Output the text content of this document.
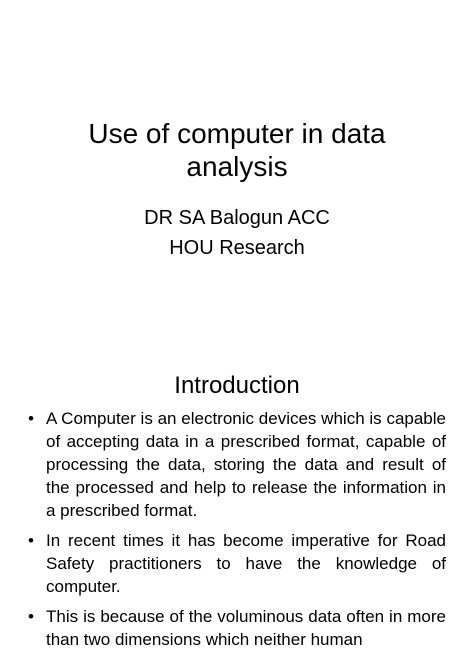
Use of computer in data
analysis

DR SA Balogun ACC

HOU Research

Introduction
• A Computer is an electronic devices which is capable of accepting data in a prescribed format, capable of processing the data, storing the data and result of the processed and help to release the information in a prescribed format.
• In recent times it has become imperative for Road Safety practitioners to have the knowledge of computer.
• This is because of the voluminous data often in more than two dimensions which neither human
